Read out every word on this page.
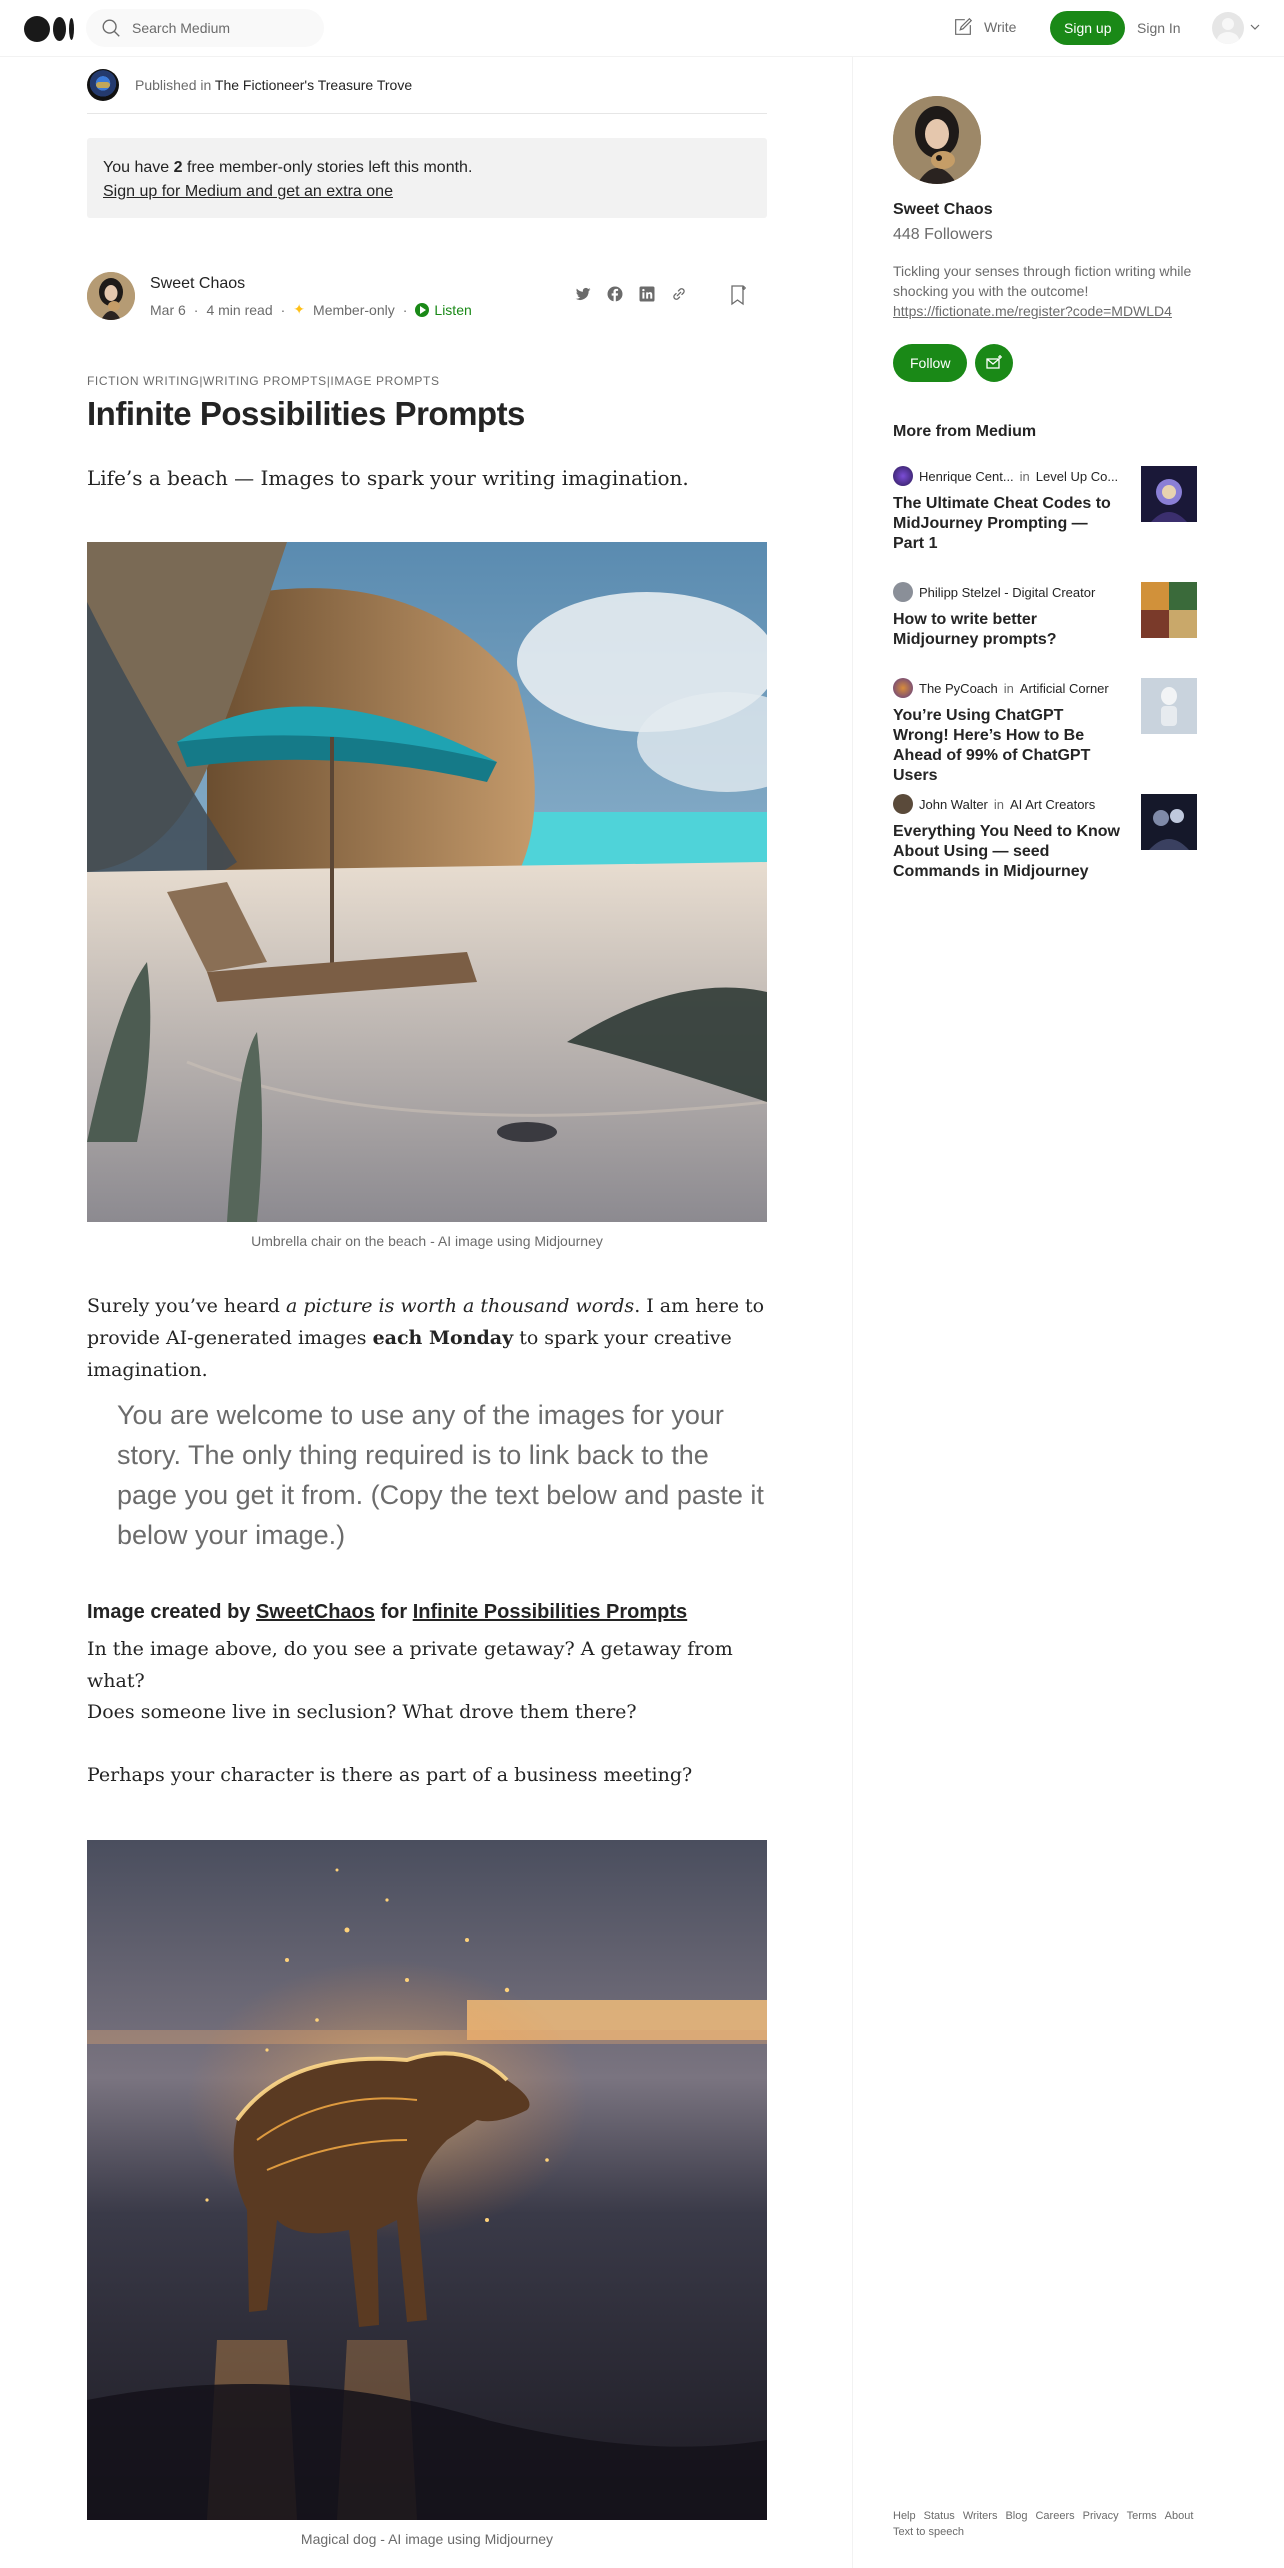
Search Medium
Write	Sign up	Sign In
Published in The Fictioneer's Treasure Trove
You have 2 free member-only stories left this month.
Sign up for Medium and get an extra one
Sweet Chaos
Mar 6 · 4 min read · ✦ Member-only · Listen
FICTION WRITING|WRITING PROMPTS|IMAGE PROMPTS
Infinite Possibilities Prompts

Life’s a beach — Images to spark your writing imagination.

Umbrella chair on the beach - AI image using Midjourney

Surely you’ve heard a picture is worth a thousand words. I am here to provide AI-generated images each Monday to spark your creative imagination.

You are welcome to use any of the images for your story. The only thing required is to link back to the page you get it from. (Copy the text below and paste it below your image.)

Image created by SweetChaos for Infinite Possibilities Prompts

In the image above, do you see a private getaway? A getaway from what?

Does someone live in seclusion? What drove them there?

Perhaps your character is there as part of a business meeting?

Magical dog - AI image using Midjourney
Sweet Chaos
448 Followers
Tickling your senses through fiction writing while shocking you with the outcome! https://fictionate.me/register?code=MDWLD4
Follow
More from Medium
Henrique Cent... in Level Up Co...
The Ultimate Cheat Codes to MidJourney Prompting — Part 1
Philipp Stelzel - Digital Creator
How to write better Midjourney prompts?
The PyCoach in Artificial Corner
You’re Using ChatGPT Wrong! Here’s How to Be Ahead of 99% of ChatGPT Users
John Walter in AI Art Creators
Everything You Need to Know About Using — seed Commands in Midjourney
Help Status Writers Blog Careers Privacy Terms About
Text to speech
